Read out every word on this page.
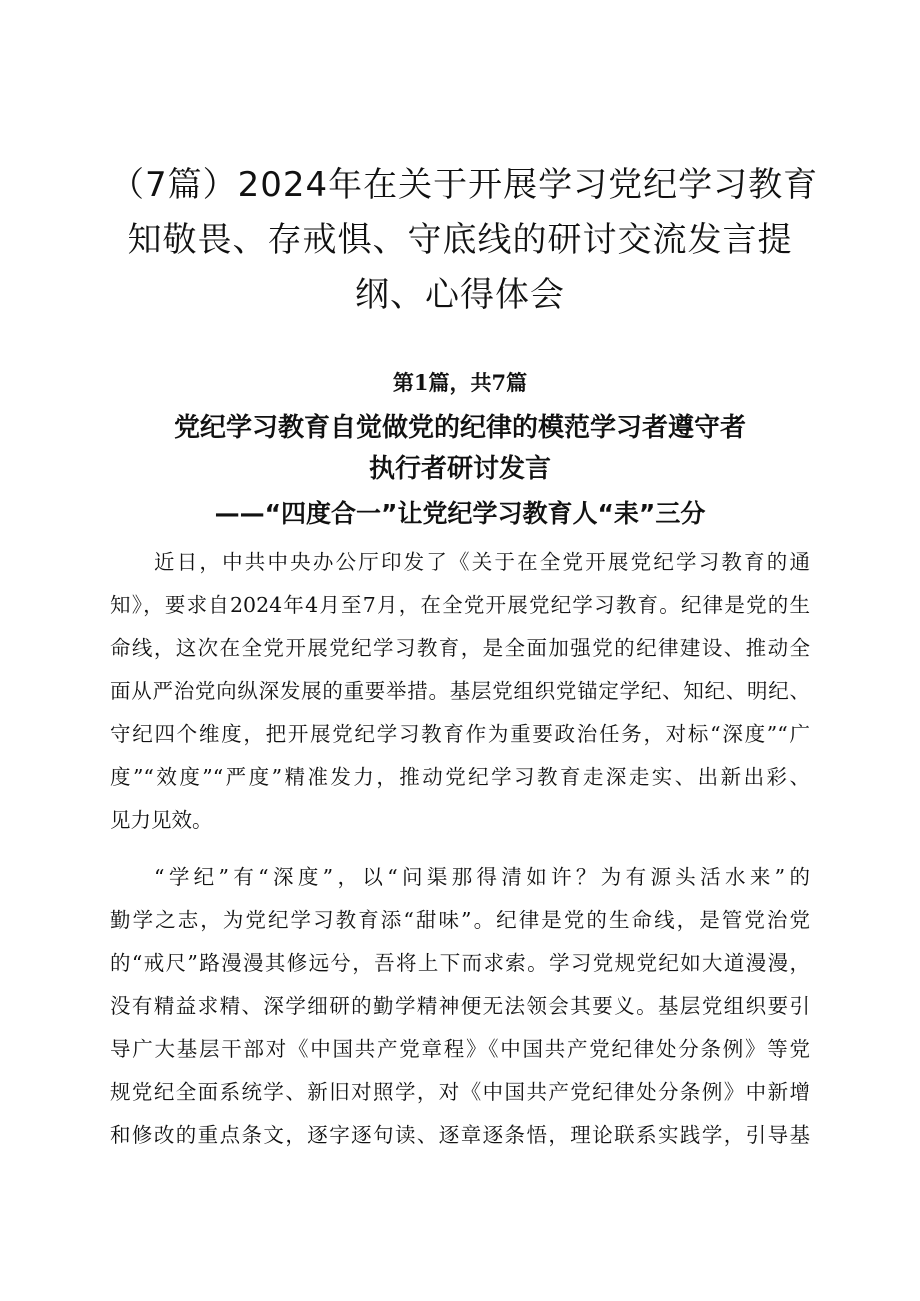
（7篇）2024年在关于开展学习党纪学习教育
知敬畏、存戒惧、守底线的研讨交流发言提
纲、心得体会

第1篇，共7篇

党纪学习教育自觉做党的纪律的模范学习者遵守者
执行者研讨发言
——“四度合一”让党纪学习教育人“耒”三分

近日，中共中央办公厅印发了《关于在全党开展党纪学习教育的通
知》，要求自2024年4月至7月，在全党开展党纪学习教育。纪律是党的生
命线，这次在全党开展党纪学习教育，是全面加强党的纪律建设、推动全
面从严治党向纵深发展的重要举措。基层党组织党锚定学纪、知纪、明纪、
守纪四个维度，把开展党纪学习教育作为重要政治任务，对标“深度”“广
度”“效度”“严度”精准发力，推动党纪学习教育走深走实、出新出彩、
见力见效。

“学纪”有“深度”，以“问渠那得清如许？为有源头活水来”的
勤学之志，为党纪学习教育添“甜味”。纪律是党的生命线，是管党治党
的“戒尺”路漫漫其修远兮，吾将上下而求索。学习党规党纪如大道漫漫，
没有精益求精、深学细研的勤学精神便无法领会其要义。基层党组织要引
导广大基层干部对《中国共产党章程》《中国共产党纪律处分条例》等党
规党纪全面系统学、新旧对照学，对《中国共产党纪律处分条例》中新增
和修改的重点条文，逐字逐句读、逐章逐条悟，理论联系实践学，引导基
